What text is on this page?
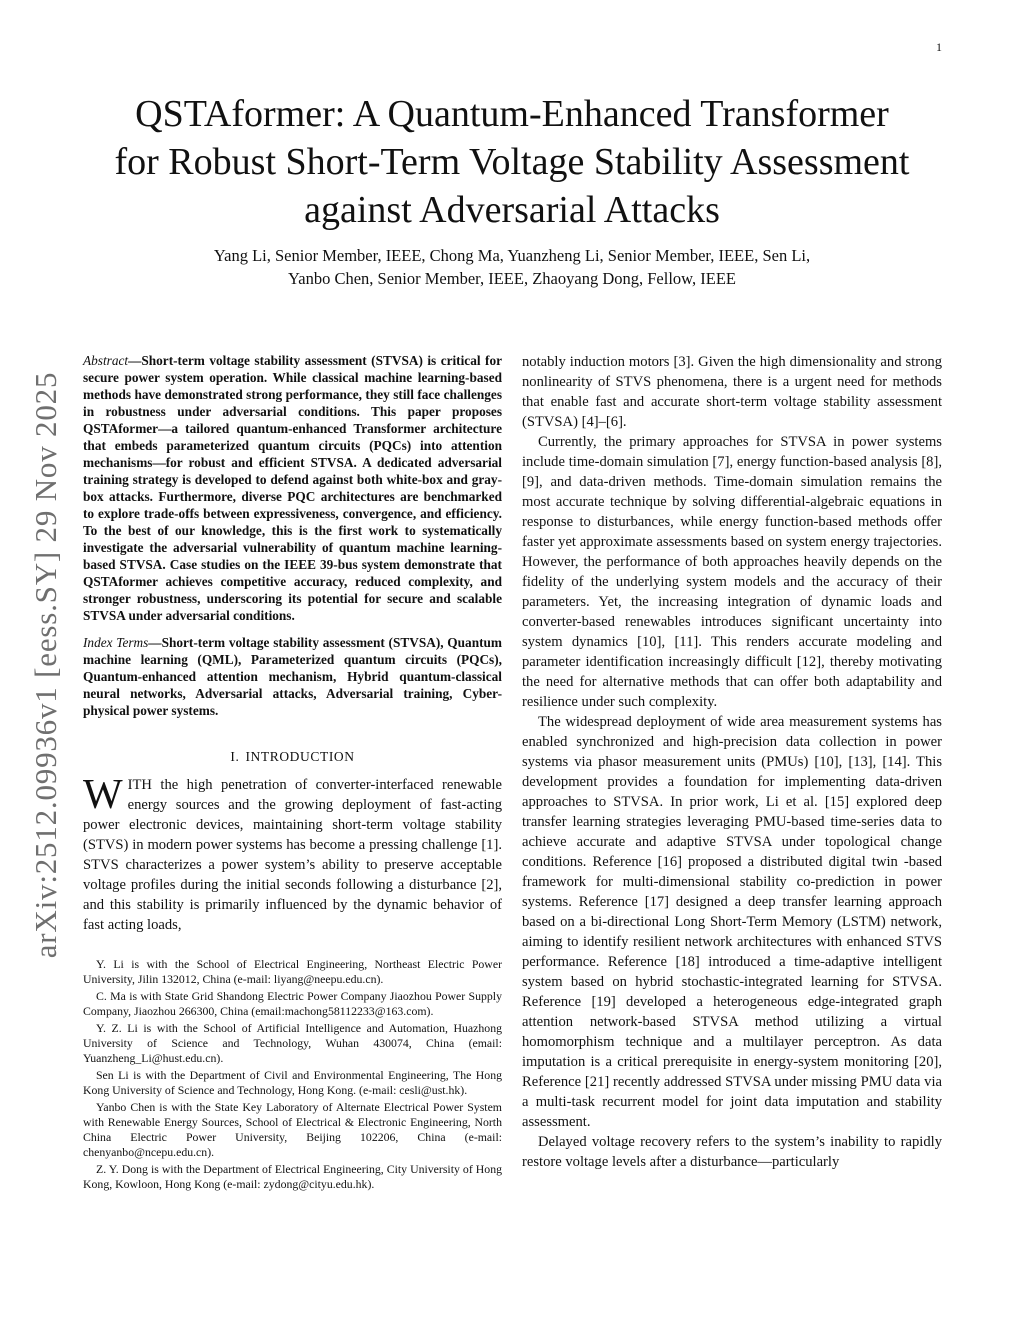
1
QSTAformer: A Quantum-Enhanced Transformer
for Robust Short-Term Voltage Stability Assessment
against Adversarial Attacks
Yang Li, Senior Member, IEEE, Chong Ma, Yuanzheng Li, Senior Member, IEEE, Sen Li,
Yanbo Chen, Senior Member, IEEE, Zhaoyang Dong, Fellow, IEEE
arXiv:2512.09936v1 [eess.SY] 29 Nov 2025

Abstract—Short-term voltage stability assessment (STVSA) is critical for secure power system operation. While classical machine learning-based methods have demonstrated strong performance, they still face challenges in robustness under adversarial conditions. This paper proposes QSTAformer—a tailored quantum-enhanced Transformer architecture that embeds parameterized quantum circuits (PQCs) into attention mechanisms—for robust and efficient STVSA. A dedicated adversarial training strategy is developed to defend against both white-box and gray-box attacks. Furthermore, diverse PQC architectures are benchmarked to explore trade-offs between expressiveness, convergence, and efficiency. To the best of our knowledge, this is the first work to systematically investigate the adversarial vulnerability of quantum machine learning-based STVSA. Case studies on the IEEE 39-bus system demonstrate that QSTAformer achieves competitive accuracy, reduced complexity, and stronger robustness, underscoring its potential for secure and scalable STVSA under adversarial conditions.

Index Terms—Short-term voltage stability assessment (STVSA), Quantum machine learning (QML), Parameterized quantum circuits (PQCs), Quantum-enhanced attention mechanism, Hybrid quantum-classical neural networks, Adversarial attacks, Adversarial training, Cyber-physical power systems.

I. INTRODUCTION

WITH the high penetration of converter-interfaced renewable energy sources and the growing deployment of fast-acting power electronic devices, maintaining short-term voltage stability (STVS) in modern power systems has become a pressing challenge [1]. STVS characterizes a power system’s ability to preserve acceptable voltage profiles during the initial seconds following a disturbance [2], and this stability is primarily influenced by the dynamic behavior of fast acting loads,

Y. Li is with the School of Electrical Engineering, Northeast Electric Power University, Jilin 132012, China (e-mail: liyang@neepu.edu.cn).

C. Ma is with State Grid Shandong Electric Power Company Jiaozhou Power Supply Company, Jiaozhou 266300, China (email:machong58112233@163.com).

Y. Z. Li is with the School of Artificial Intelligence and Automation, Huazhong University of Science and Technology, Wuhan 430074, China (email: Yuanzheng_Li@hust.edu.cn).

Sen Li is with the Department of Civil and Environmental Engineering, The Hong Kong University of Science and Technology, Hong Kong. (e-mail: cesli@ust.hk).

Yanbo Chen is with the State Key Laboratory of Alternate Electrical Power System with Renewable Energy Sources, School of Electrical & Electronic Engineering, North China Electric Power University, Beijing 102206, China (e-mail: chenyanbo@ncepu.edu.cn).

Z. Y. Dong is with the Department of Electrical Engineering, City University of Hong Kong, Kowloon, Hong Kong (e-mail: zydong@cityu.edu.hk).

notably induction motors [3]. Given the high dimensionality and strong nonlinearity of STVS phenomena, there is a urgent need for methods that enable fast and accurate short-term voltage stability assessment (STVSA) [4]–[6].

Currently, the primary approaches for STVSA in power systems include time-domain simulation [7], energy function-based analysis [8], [9], and data-driven methods. Time-domain simulation remains the most accurate technique by solving differential-algebraic equations in response to disturbances, while energy function-based methods offer faster yet approximate assessments based on system energy trajectories. However, the performance of both approaches heavily depends on the fidelity of the underlying system models and the accuracy of their parameters. Yet, the increasing integration of dynamic loads and converter-based renewables introduces significant uncertainty into system dynamics [10], [11]. This renders accurate modeling and parameter identification increasingly difficult [12], thereby motivating the need for alternative methods that can offer both adaptability and resilience under such complexity.

The widespread deployment of wide area measurement systems has enabled synchronized and high-precision data collection in power systems via phasor measurement units (PMUs) [10], [13], [14]. This development provides a foundation for implementing data-driven approaches to STVSA. In prior work, Li et al. [15] explored deep transfer learning strategies leveraging PMU-based time-series data to achieve accurate and adaptive STVSA under topological change conditions. Reference [16] proposed a distributed digital twin -based framework for multi-dimensional stability co-prediction in power systems. Reference [17] designed a deep transfer learning approach based on a bi-directional Long Short-Term Memory (LSTM) network, aiming to identify resilient network architectures with enhanced STVS performance. Reference [18] introduced a time-adaptive intelligent system based on hybrid stochastic-integrated learning for STVSA. Reference [19] developed a heterogeneous edge-integrated graph attention network-based STVSA method utilizing a virtual homomorphism technique and a multilayer perceptron. As data imputation is a critical prerequisite in energy-system monitoring [20], Reference [21] recently addressed STVSA under missing PMU data via a multi-task recurrent model for joint data imputation and stability assessment.

Delayed voltage recovery refers to the system’s inability to rapidly restore voltage levels after a disturbance—particularly
